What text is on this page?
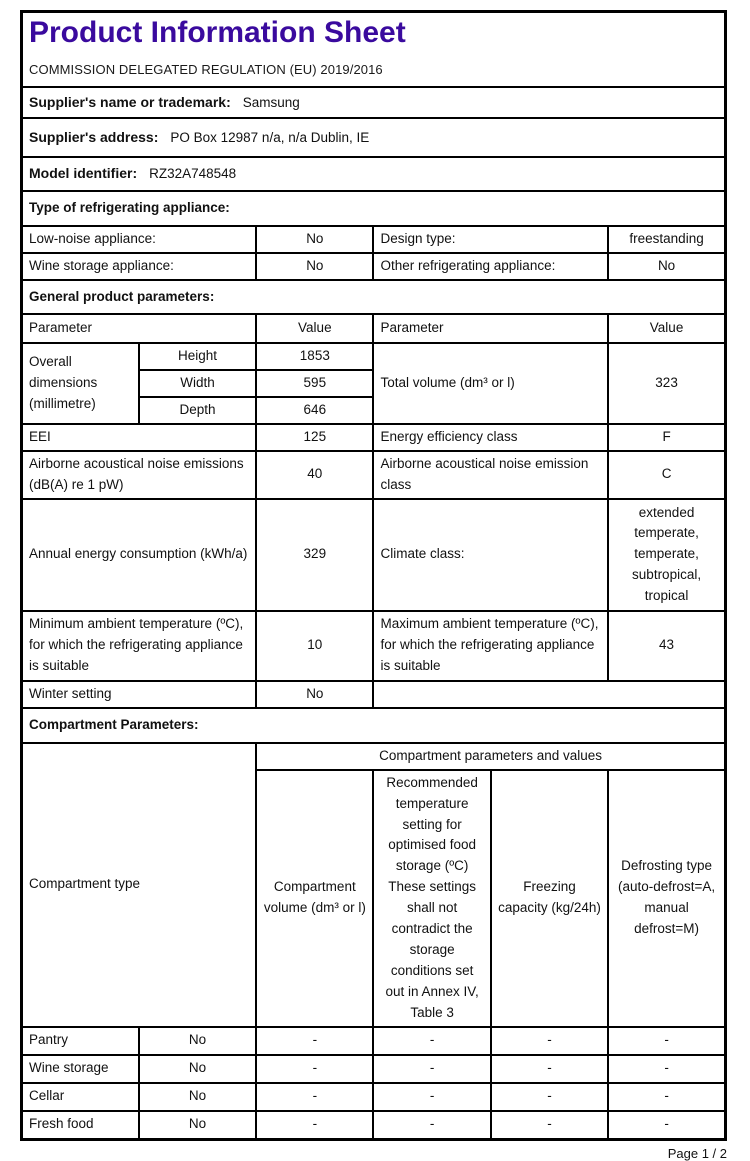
Product Information Sheet
COMMISSION DELEGATED REGULATION (EU) 2019/2016

Supplier's name or trademark: Samsung					
Supplier's address: PO Box 12987 n/a, n/a Dublin, IE					
Model identifier: RZ32A748548					
Type of refrigerating appliance:					
Low-noise appliance:		No	Design type:		freestanding
Wine storage appliance:		No	Other refrigerating appliance:		No
General product parameters:					
Parameter		Value	Parameter		Value
Overall dimensions (millimetre)	Height	1853	Total volume (dm³ or l)		323
	Width	595			
	Depth	646			
EEI		125	Energy efficiency class		F
Airborne acoustical noise emissions (dB(A) re 1 pW)		40	Airborne acoustical noise emission class		C
Annual energy consumption (kWh/a)		329	Climate class:		extended temperate, temperate, subtropical, tropical
Minimum ambient temperature (ºC), for which the refrigerating appliance is suitable		10	Maximum ambient temperature (ºC), for which the refrigerating appliance is suitable		43
Winter setting		No			
Compartment Parameters:					
Compartment type		Compartment parameters and values			
		Compartment volume (dm³ or l)	Recommended temperature setting for optimised food storage (ºC) These settings shall not contradict the storage conditions set out in Annex IV, Table 3	Freezing capacity (kg/24h)	Defrosting type (auto-defrost=A, manual defrost=M)
Pantry	No	-	-	-	-
Wine storage	No	-	-	-	-
Cellar	No	-	-	-	-
Fresh food	No	-	-	-	-
Page 1 / 2
